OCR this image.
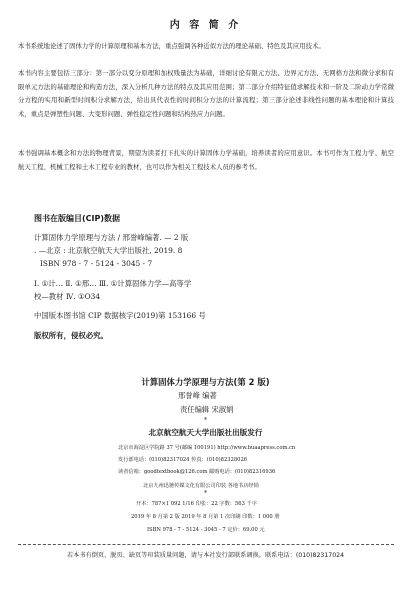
内 容 简 介

本书系统地论述了固体力学的计算原理和基本方法，重点强调各种近似方法的理论基础、特色及其应用技术。

本书内容主要包括三部分：第一部分以变分原理和加权残量法为基础，详细讨论有限元方法、边界元方法、无网格方法和微分求积有限单元方法的基础理论和构造方法，深入分析几种方法的特点及其应用范围；第二部分介绍特征值求解技术和一阶及二阶动力学常微分方程的实用和新型时间积分求解方法，给出具代表性的时间积分方法的计算流程；第三部分论述非线性问题的基本理论和计算技术，重点是弹塑性问题、大变形问题、弹性稳定性问题和结构热应力问题。

本书强调基本概念和方法的物理背景，期望为读者打下扎实的计算固体力学基础，培养读者的应用意识。本书可作为工程力学、航空航天工程、机械工程和土木工程专业的教材，也可以作为相关工程技术人员的参考书。

图书在版编目(CIP)数据

计算固体力学原理与方法 / 邢誉峰编著. — 2 版

. —北京 : 北京航空航天大学出版社, 2019. 8

ISBN 978 - 7 - 5124 - 3045 - 7

Ⅰ. ①计… Ⅱ. ①邢… Ⅲ. ①计算固体力学—高等学

校—教材 Ⅳ. ①O34

中国版本图书馆 CIP 数据核字(2019)第 153166 号

版权所有，侵权必究。

计算固体力学原理与方法(第 2 版)
邢誉峰 编著
责任编辑 宋淑娟
*
北京航空航天大学出版社出版发行

北京市海淀区学院路 37 号(邮编 100191) http://www.buaapress.com.cn

发行部电话：(010)82317024 传真：(010)82328026

读者信箱：goodtextbook@126.com 邮购电话：(010)82316936

北京九州迅驰传媒文化有限公司印装 各地书店经销

*

开本：787×1 092 1/16 印张：22 字数：563 千字

2019 年 8 月第 2 版 2019 年 8 月第 1 次印刷 印数：1 000 册

ISBN 978 - 7 - 5124 - 3045 - 7 定价：69.00 元

若本书有倒页、脱页、缺页等印装质量问题，请与本社发行部联系调换。联系电话：(010)82317024
